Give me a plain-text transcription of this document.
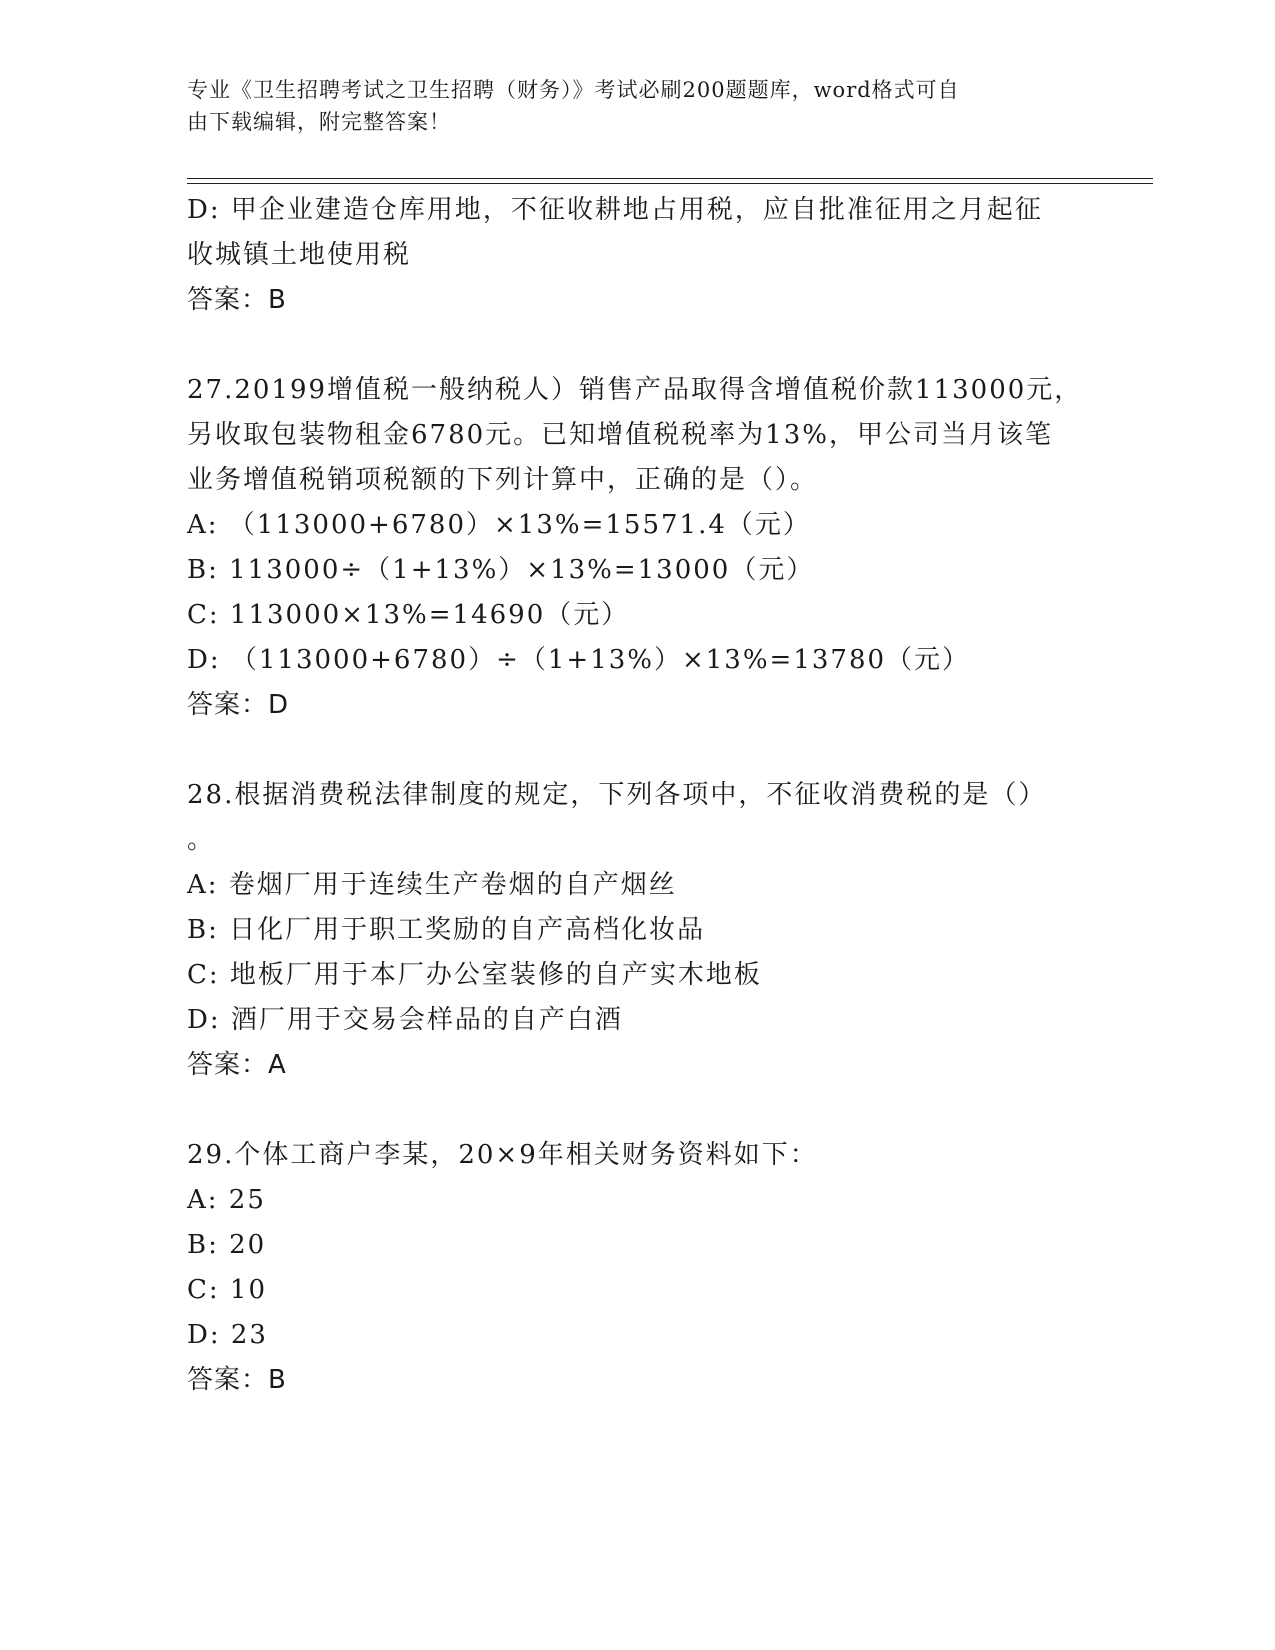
专业《卫生招聘考试之卫生招聘（财务）》考试必刷200题题库，word格式可自
由下载编辑，附完整答案！
D: 甲企业建造仓库用地，不征收耕地占用税，应自批准征用之月起征
收城镇土地使用税
答案：B
27.20199增值税一般纳税人）销售产品取得含增值税价款113000元，
另收取包装物租金6780元。已知增值税税率为13%，甲公司当月该笔
业务增值税销项税额的下列计算中，正确的是（）。
A: （113000+6780）×13%=15571.4（元）
B: 113000÷（1+13%）×13%=13000（元）
C: 113000×13%=14690（元）
D: （113000+6780）÷（1+13%）×13%=13780（元）
答案：D
28.根据消费税法律制度的规定，下列各项中，不征收消费税的是（）
。
A: 卷烟厂用于连续生产卷烟的自产烟丝
B: 日化厂用于职工奖励的自产高档化妆品
C: 地板厂用于本厂办公室装修的自产实木地板
D: 酒厂用于交易会样品的自产白酒
答案：A
29.个体工商户李某，20×9年相关财务资料如下：
A: 25
B: 20
C: 10
D: 23
答案：B
